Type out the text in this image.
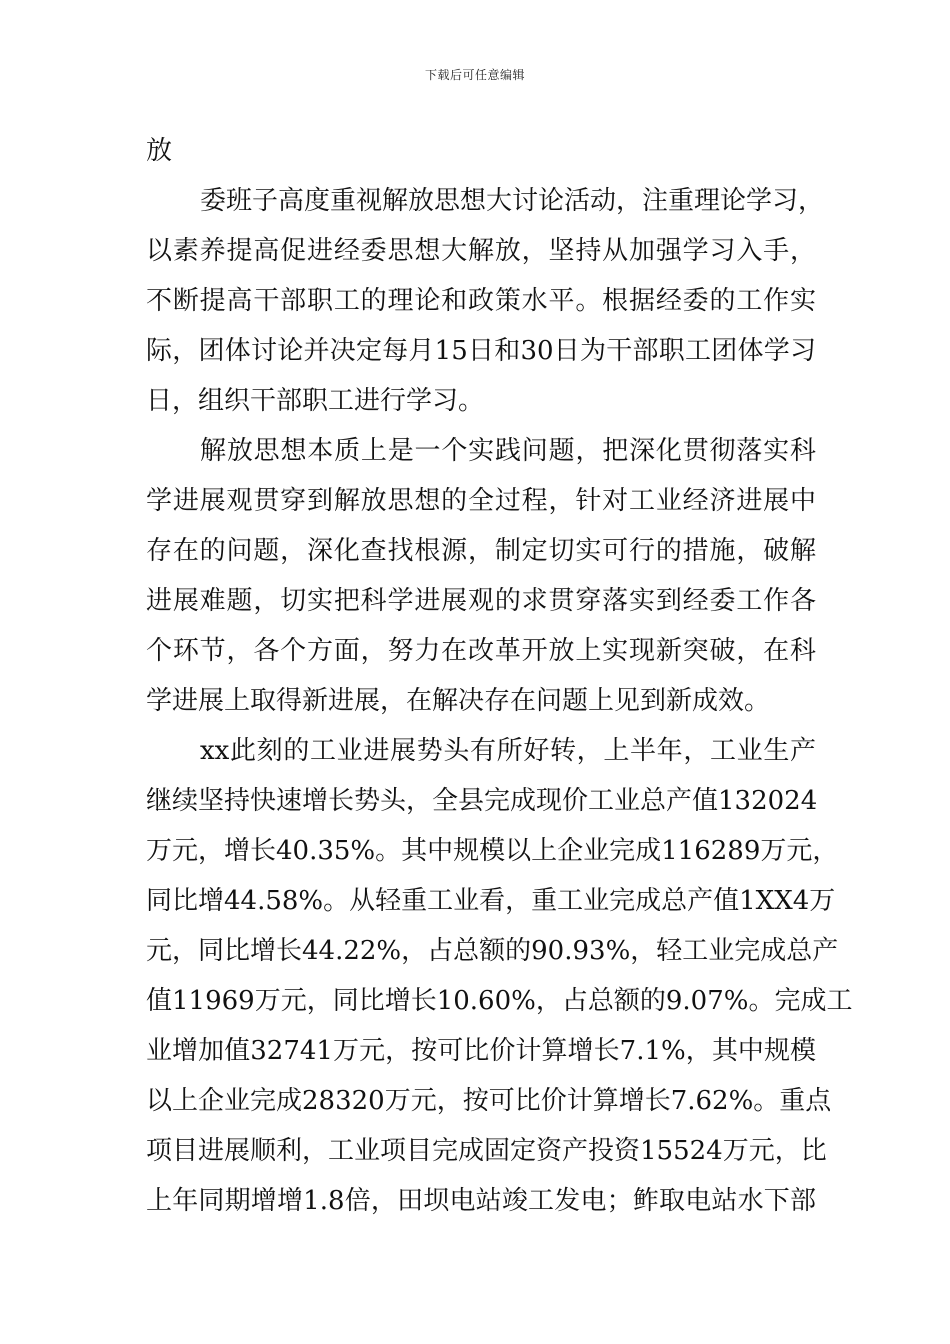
下载后可任意编辑
放
委班子高度重视解放思想大讨论活动，注重理论学习，
以素养提高促进经委思想大解放，坚持从加强学习入手，
不断提高干部职工的理论和政策水平。根据经委的工作实
际，团体讨论并决定每月15日和30日为干部职工团体学习
日，组织干部职工进行学习。
解放思想本质上是一个实践问题，把深化贯彻落实科
学进展观贯穿到解放思想的全过程，针对工业经济进展中
存在的问题，深化查找根源，制定切实可行的措施，破解
进展难题，切实把科学进展观的求贯穿落实到经委工作各
个环节，各个方面，努力在改革开放上实现新突破，在科
学进展上取得新进展，在解决存在问题上见到新成效。
xx此刻的工业进展势头有所好转，上半年，工业生产
继续坚持快速增长势头，全县完成现价工业总产值132024
万元，增长40.35%。其中规模以上企业完成116289万元，
同比增44.58%。从轻重工业看，重工业完成总产值1XX4万
元，同比增长44.22%，占总额的90.93%，轻工业完成总产
值11969万元，同比增长10.60%，占总额的9.07%。完成工
业增加值32741万元，按可比价计算增长7.1%，其中规模
以上企业完成28320万元，按可比价计算增长7.62%。重点
项目进展顺利，工业项目完成固定资产投资15524万元，比
上年同期增增1.8倍，田坝电站竣工发电；鲊取电站水下部
